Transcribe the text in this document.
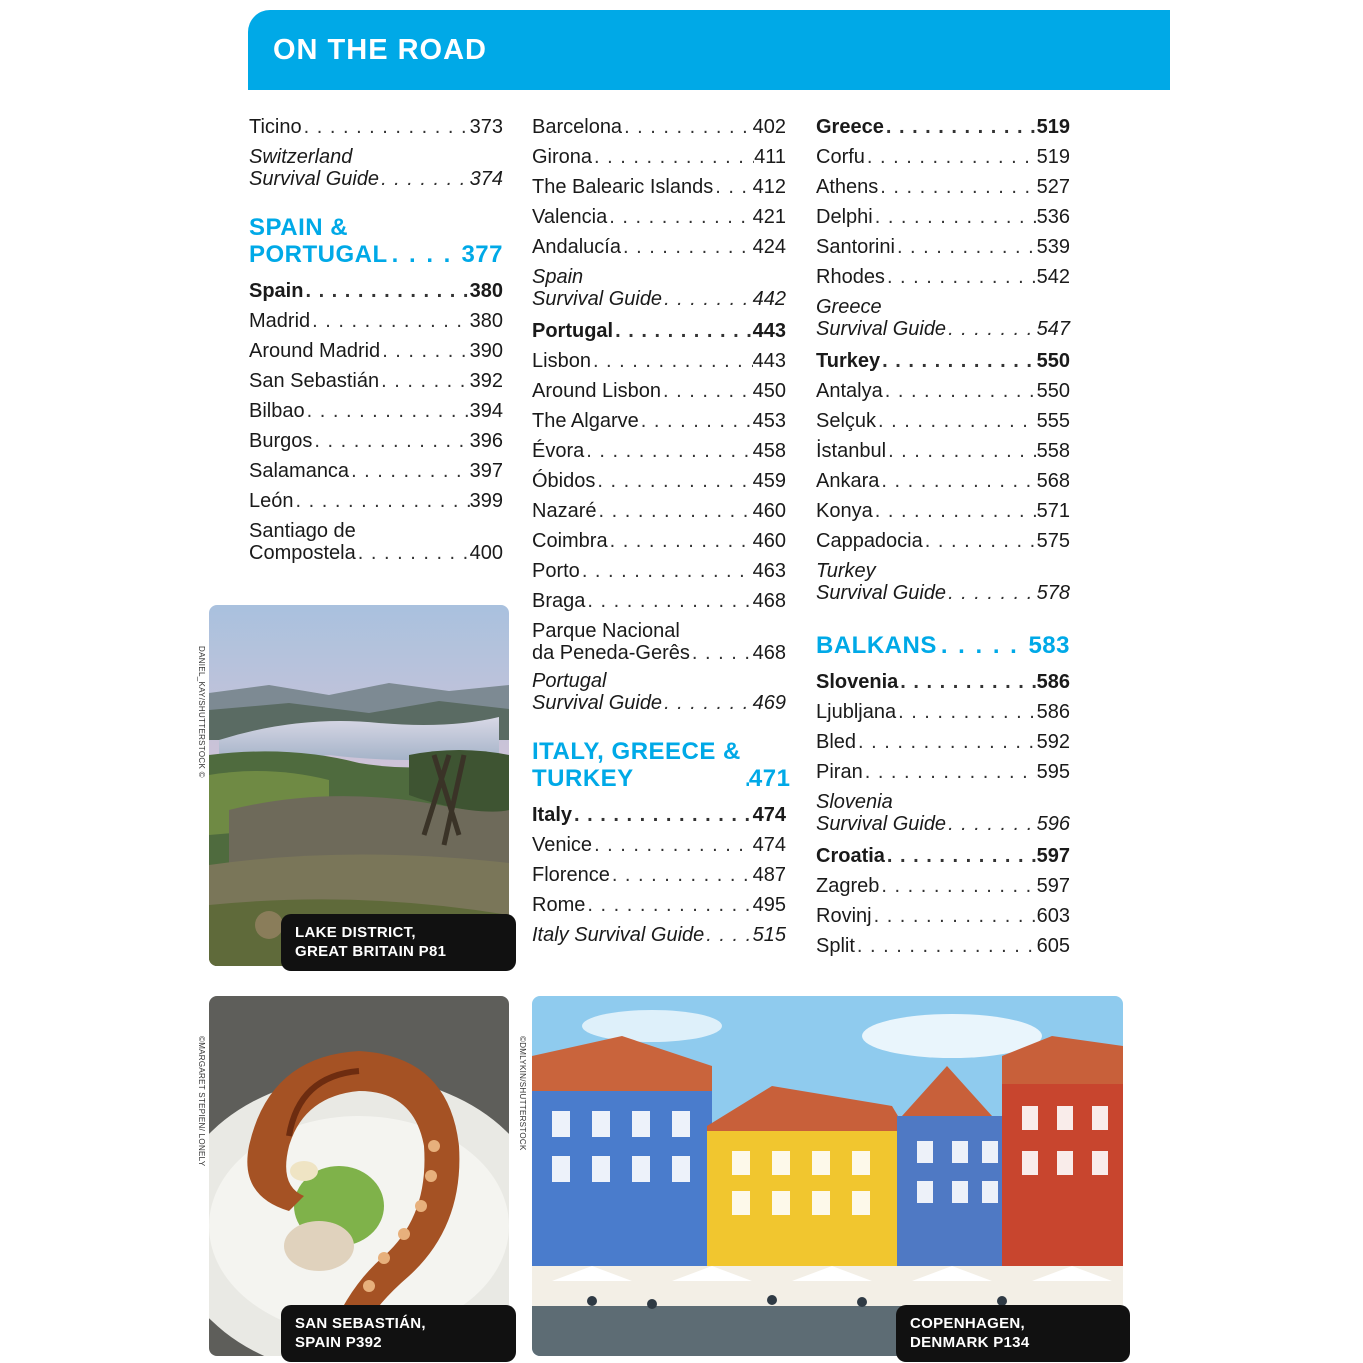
ON THE ROAD
Ticino . . .	373
Switzerland
Survival Guide . . .	374
SPAIN &
PORTUGAL . . .	377
Spain . . .	380
Madrid . . .	380
Around Madrid . . .	390
San Sebastián . . .	392
Bilbao . . .	394
Burgos . . .	396
Salamanca . . .	397
León . . .	399
Santiago de
Compostela . . .	400
Barcelona . . .	402
Girona . . .	411
The Balearic Islands . . . 412
Valencia . . .	421
Andalucía . . .	424
Spain
Survival Guide . . .	442
Portugal . . .	443
Lisbon . . .	443
Around Lisbon . . .	450
The Algarve . . .	453
Évora . . .	458
Óbidos . . .	459
Nazaré . . .	460
Coimbra . . .	460
Porto . . .	463
Braga . . .	468
Parque Nacional
da Peneda-Gerês . . .	468
Portugal
Survival Guide . . .	469
ITALY, GREECE &
TURKEY . . .	471
Italy . . .	474
Venice . . .	474
Florence . . .	487
Rome . . .	495
Italy Survival Guide . . . 515
Greece . . .	519
Corfu . . .	519
Athens . . .	527
Delphi . . .	536
Santorini . . .	539
Rhodes . . .	542
Greece
Survival Guide . . .	547
Turkey . . .	550
Antalya . . .	550
Selçuk . . .	555
İstanbul . . .	558
Ankara . . .	568
Konya . . .	571
Cappadocia . . .	575
Turkey
Survival Guide . . .	578
BALKANS . . .	583
Slovenia . . .	586
Ljubljana . . .	586
Bled . . .	592
Piran . . .	595
Slovenia
Survival Guide . . .	596
Croatia . . .	597
Zagreb . . .	597
Rovinj . . .	603
Split . . .	605
DANIEL_KAY/SHUTTERSTOCK ©
LAKE DISTRICT,
GREAT BRITAIN P81
©MARGARET STEPIEN/ LONELY
SAN SEBASTIÁN,
SPAIN P392
©DMLYKIN/SHUTTERSTOCK
COPENHAGEN,
DENMARK P134
